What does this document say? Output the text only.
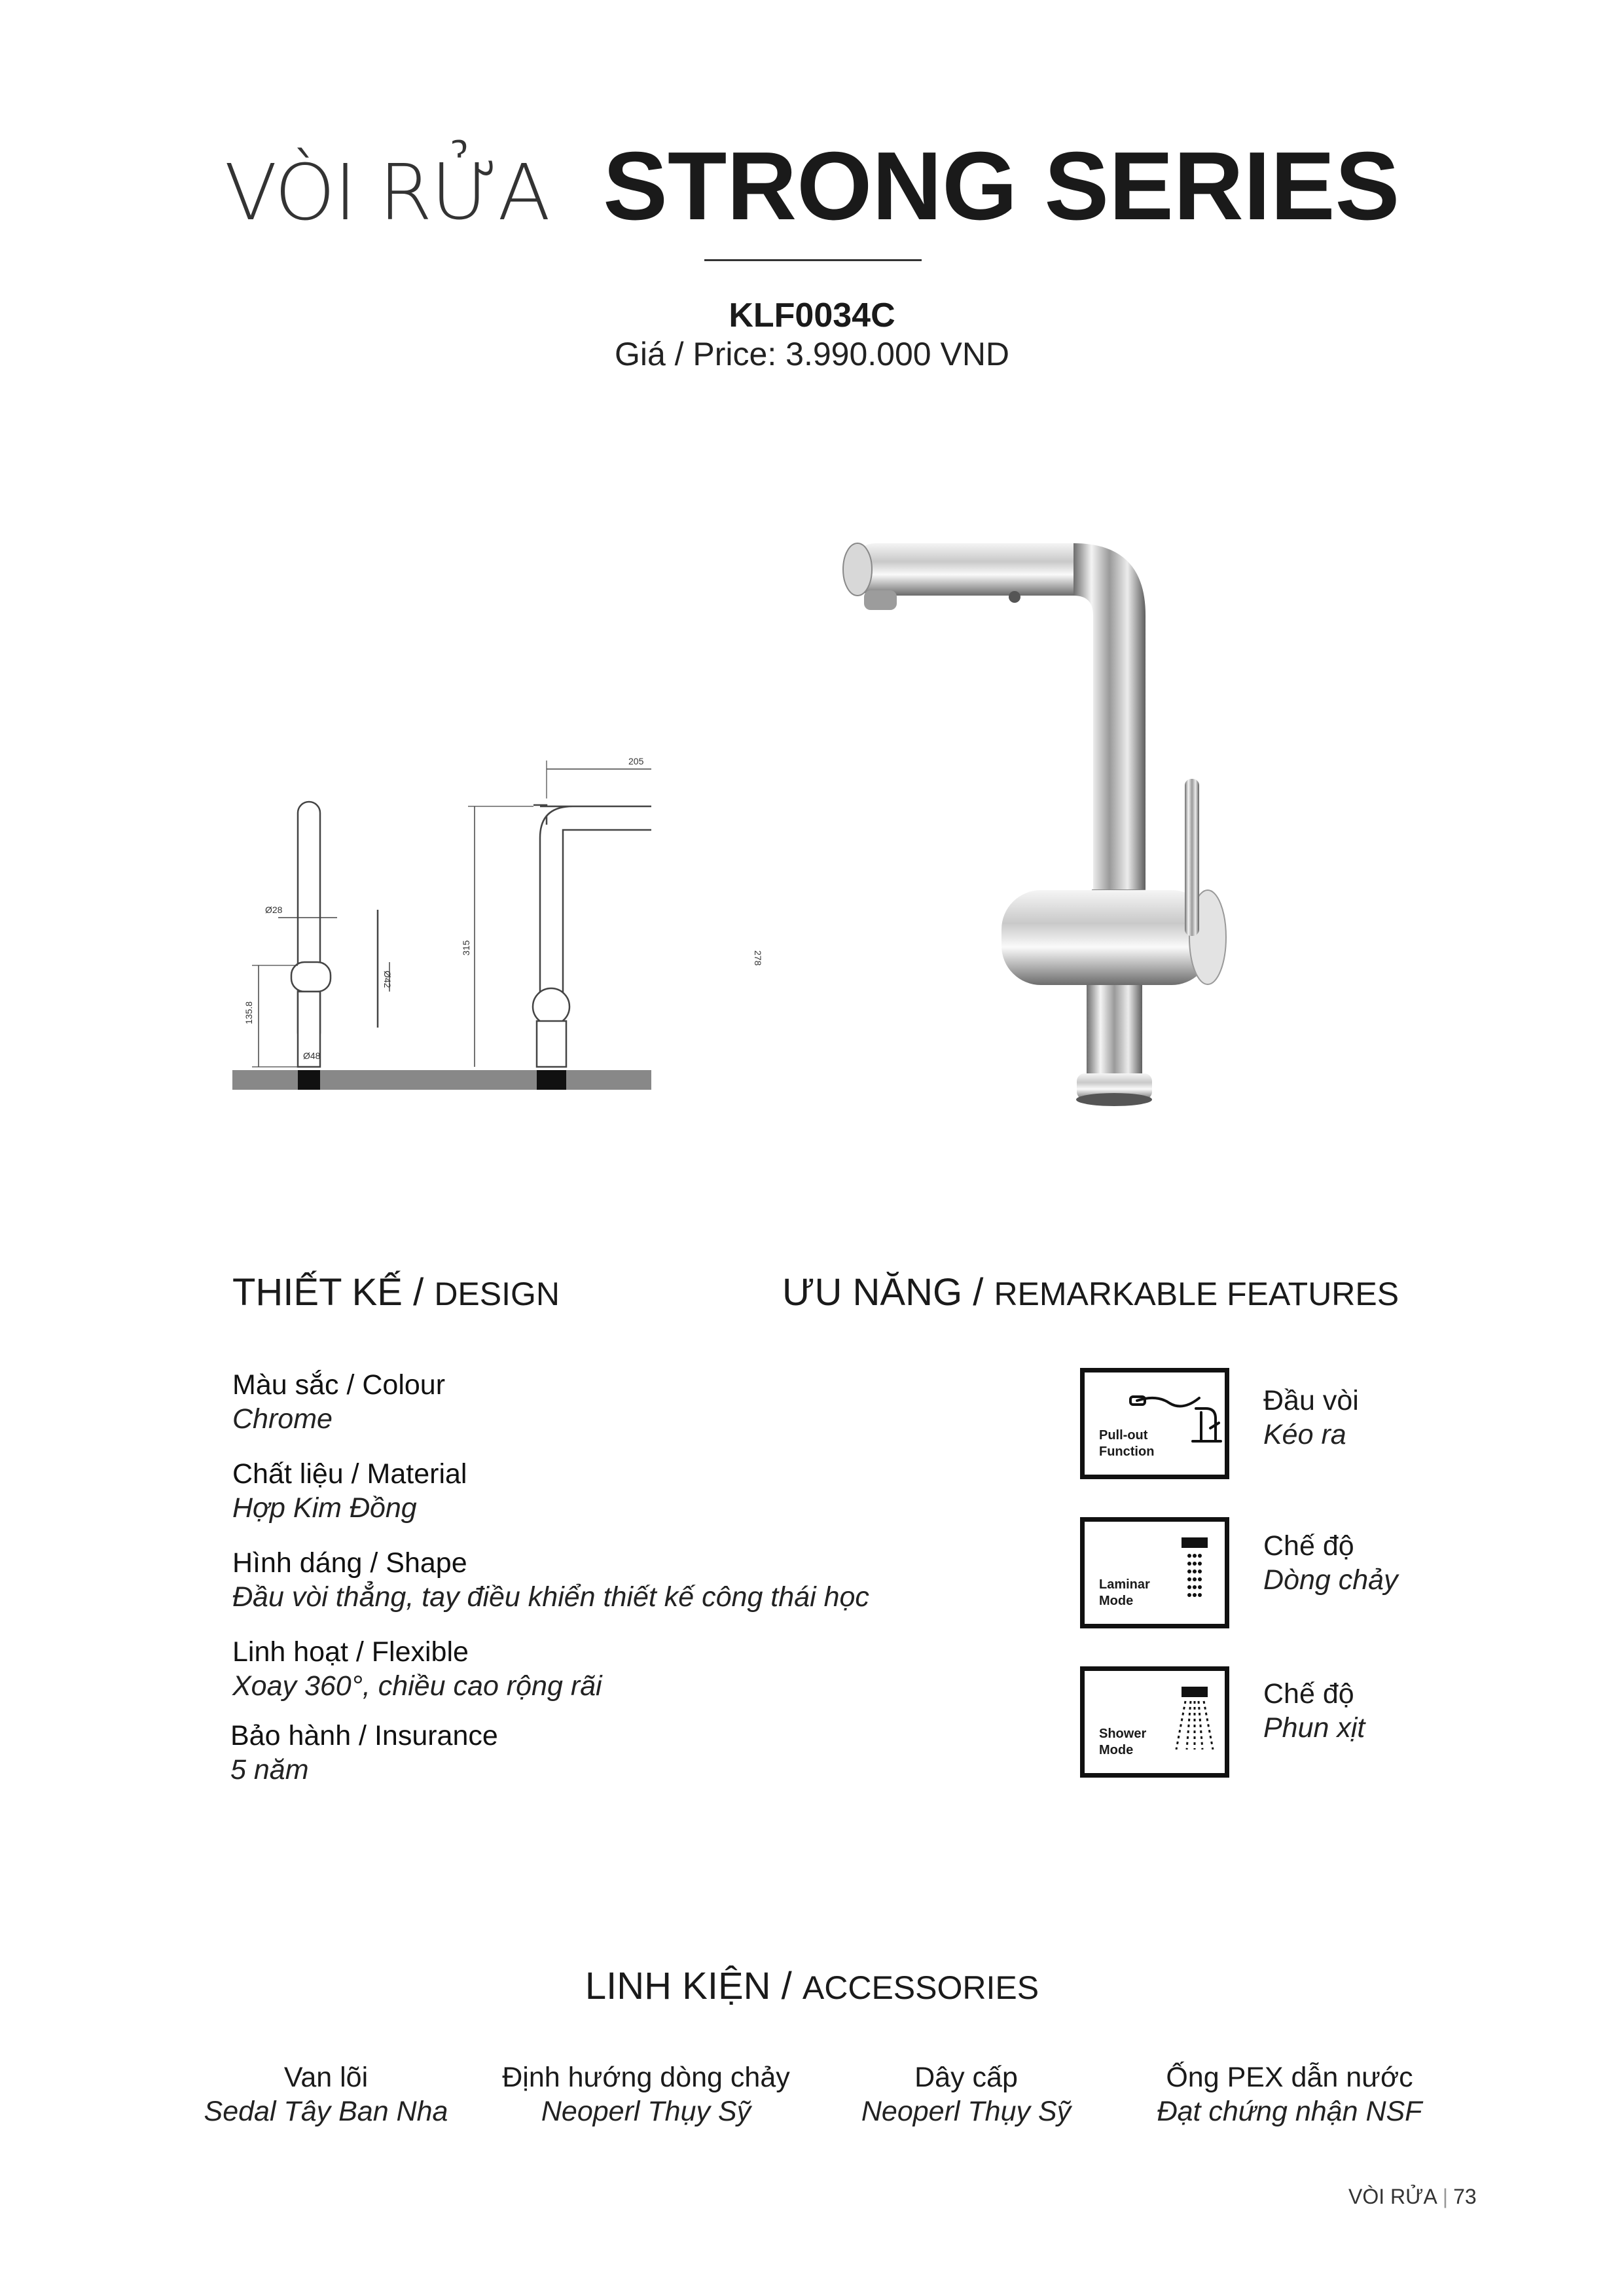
VÒI RỬA STRONG SERIES
KLF0034C
Giá / Price: 3.990.000 VND
Ø28
Ø42
Ø48
135.8
205
315
278
THIẾT KẾ / DESIGN
Màu sắc / Colour
Chrome
Chất liệu / Material
Hợp Kim Đồng
Hình dáng / Shape
Đầu vòi thẳng, tay điều khiển thiết kế công thái học
Linh hoạt / Flexible
Xoay 360°, chiều cao rộng rãi
Bảo hành / Insurance
5 năm
ƯU NĂNG / REMARKABLE FEATURES
Pull-out
Function
Đầu vòi
Kéo ra
Laminar
Mode
Chế độ
Dòng chảy
Shower
Mode
Chế độ
Phun xịt
LINH KIỆN / ACCESSORIES
Van lõi
Sedal Tây Ban Nha
Định hướng dòng chảy
Neoperl Thụy Sỹ
Dây cấp
Neoperl Thụy Sỹ
Ống PEX dẫn nước
Đạt chứng nhận NSF
VÒI RỬA | 73
